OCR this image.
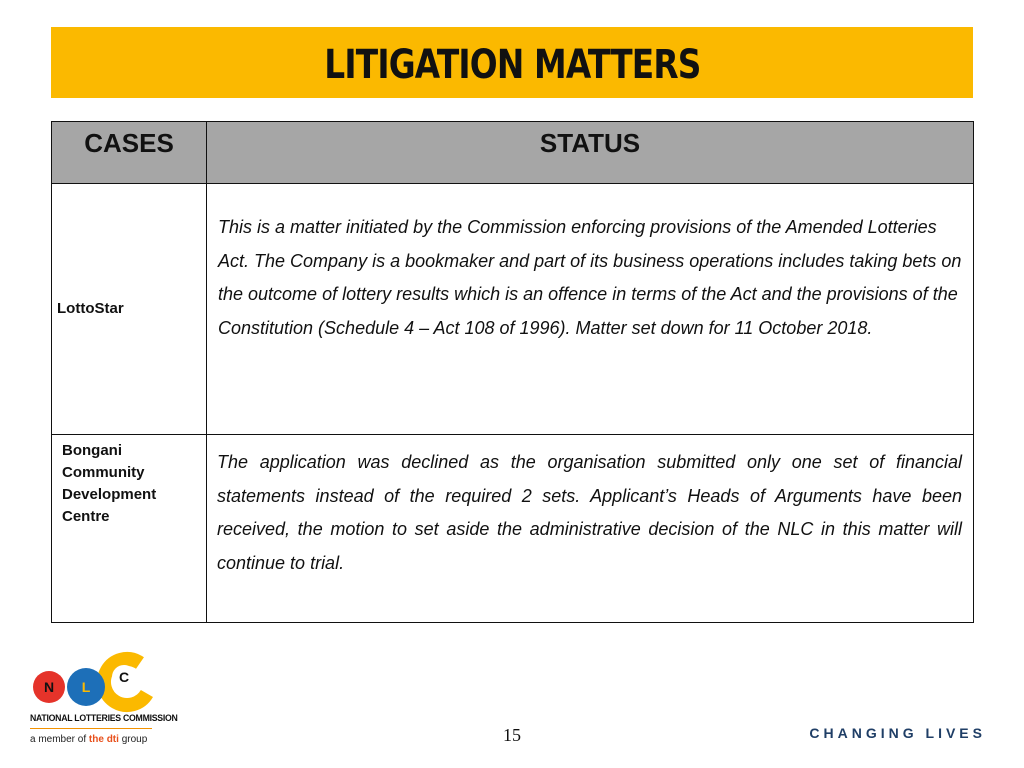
LITIGATION MATTERS
CASES	STATUS

LottoStar	This is a matter initiated by the Commission enforcing provisions of the Amended Lotteries Act. The Company is a bookmaker and part of its business operations includes taking bets on the outcome of lottery results which is an offence in terms of the Act and the provisions of the Constitution (Schedule 4 – Act 108 of 1996). Matter set down for 11 October 2018.

Bongani Community Development Centre	The application was declined as the organisation submitted only one set of financial statements instead of the required 2 sets. Applicant’s Heads of Arguments have been received, the motion to set aside the administrative decision of the NLC in this matter will continue to trial.
N L
C
NATIONAL LOTTERIES COMMISSION
a member of the dti group	15	CHANGING LIVES
